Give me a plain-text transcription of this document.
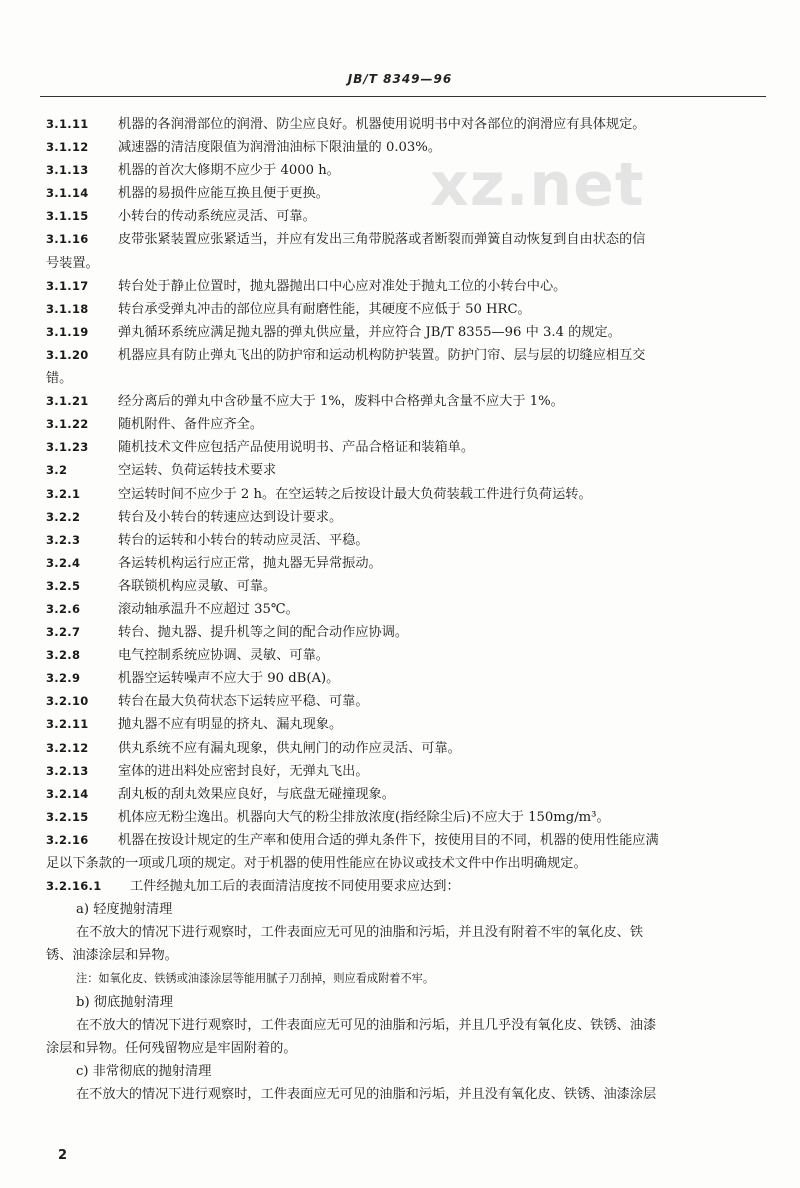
JB/T 8349—96
xz.net
3.1.11	机器的各润滑部位的润滑、防尘应良好。机器使用说明书中对各部位的润滑应有具体规定。
3.1.12	减速器的清洁度限值为润滑油油标下限油量的 0.03%。
3.1.13	机器的首次大修期不应少于 4000 h。
3.1.14	机器的易损件应能互换且便于更换。
3.1.15	小转台的传动系统应灵活、可靠。
3.1.16	皮带张紧装置应张紧适当，并应有发出三角带脱落或者断裂而弹簧自动恢复到自由状态的信
号装置。
3.1.17	转台处于静止位置时，抛丸器抛出口中心应对准处于抛丸工位的小转台中心。
3.1.18	转台承受弹丸冲击的部位应具有耐磨性能，其硬度不应低于 50 HRC。
3.1.19	弹丸循环系统应满足抛丸器的弹丸供应量，并应符合 JB/T 8355—96 中 3.4 的规定。
3.1.20	机器应具有防止弹丸飞出的防护帘和运动机构防护装置。防护门帘、层与层的切缝应相互交
错。
3.1.21	经分离后的弹丸中含砂量不应大于 1%，废料中合格弹丸含量不应大于 1%。
3.1.22	随机附件、备件应齐全。
3.1.23	随机技术文件应包括产品使用说明书、产品合格证和装箱单。
3.2	空运转、负荷运转技术要求
3.2.1	空运转时间不应少于 2 h。在空运转之后按设计最大负荷装载工件进行负荷运转。
3.2.2	转台及小转台的转速应达到设计要求。
3.2.3	转台的运转和小转台的转动应灵活、平稳。
3.2.4	各运转机构运行应正常，抛丸器无异常振动。
3.2.5	各联锁机构应灵敏、可靠。
3.2.6	滚动轴承温升不应超过 35℃。
3.2.7	转台、抛丸器、提升机等之间的配合动作应协调。
3.2.8	电气控制系统应协调、灵敏、可靠。
3.2.9	机器空运转噪声不应大于 90 dB(A)。
3.2.10	转台在最大负荷状态下运转应平稳、可靠。
3.2.11	抛丸器不应有明显的挤丸、漏丸现象。
3.2.12	供丸系统不应有漏丸现象，供丸闸门的动作应灵活、可靠。
3.2.13	室体的进出料处应密封良好，无弹丸飞出。
3.2.14	刮丸板的刮丸效果应良好，与底盘无碰撞现象。
3.2.15	机体应无粉尘逸出。机器向大气的粉尘排放浓度(指经除尘后)不应大于 150mg/m³。
3.2.16	机器在按设计规定的生产率和使用合适的弹丸条件下，按使用目的不同，机器的使用性能应满
足以下条款的一项或几项的规定。对于机器的使用性能应在协议或技术文件中作出明确规定。
3.2.16.1	工件经抛丸加工后的表面清洁度按不同使用要求应达到：
a) 轻度抛射清理
在不放大的情况下进行观察时，工件表面应无可见的油脂和污垢，并且没有附着不牢的氧化皮、铁
锈、油漆涂层和异物。
注：如氧化皮、铁锈或油漆涂层等能用腻子刀刮掉，则应看成附着不牢。
b) 彻底抛射清理
在不放大的情况下进行观察时，工件表面应无可见的油脂和污垢，并且几乎没有氧化皮、铁锈、油漆
涂层和异物。任何残留物应是牢固附着的。
c) 非常彻底的抛射清理
在不放大的情况下进行观察时，工件表面应无可见的油脂和污垢，并且没有氧化皮、铁锈、油漆涂层
2
